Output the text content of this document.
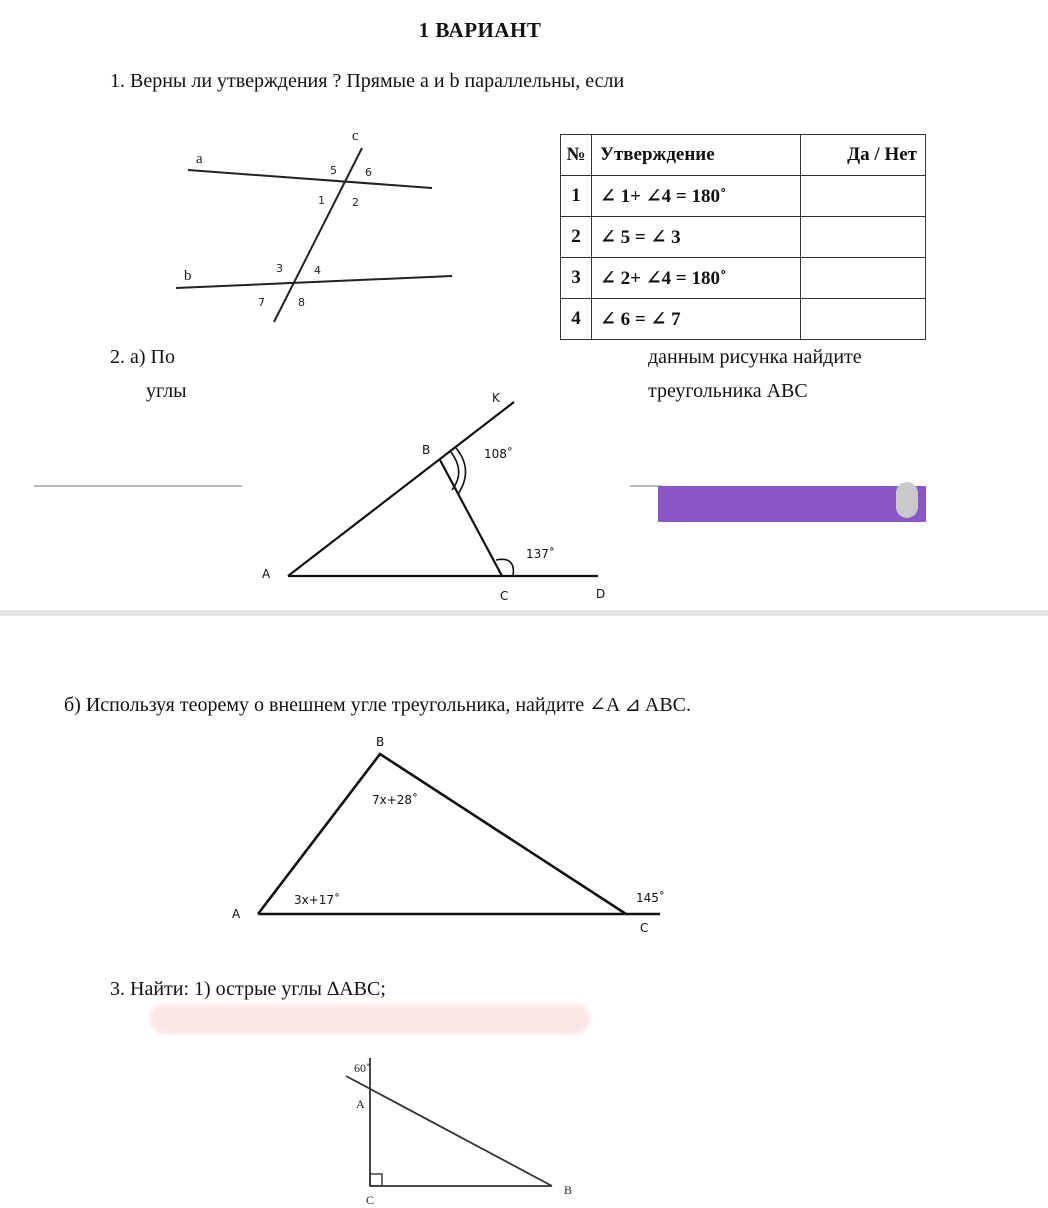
1 ВАРИАНТ
1. Верны ли утверждения ? Прямые a и b параллельны, если
a
b
c
5	6
1 2
3	4
7	8
K
B	108˚
137˚
A
C	D
B
7x+28˚
3x+17˚	145˚
A
C
60˚
A
C
B
№	Утверждение	Да / Нет
1	∠ 1+ ∠4 = 180˚	
2	∠ 5 = ∠ 3	
3	∠ 2+ ∠4 = 180˚	
4	∠ 6 = ∠ 7	
2. а) По
углы
данным рисунка найдите
треугольника ABC
б) Используя теорему о внешнем угле треугольника, найдите ∠A ⊿ ABC.
3. Найти: 1) острые углы ∆ABC;
